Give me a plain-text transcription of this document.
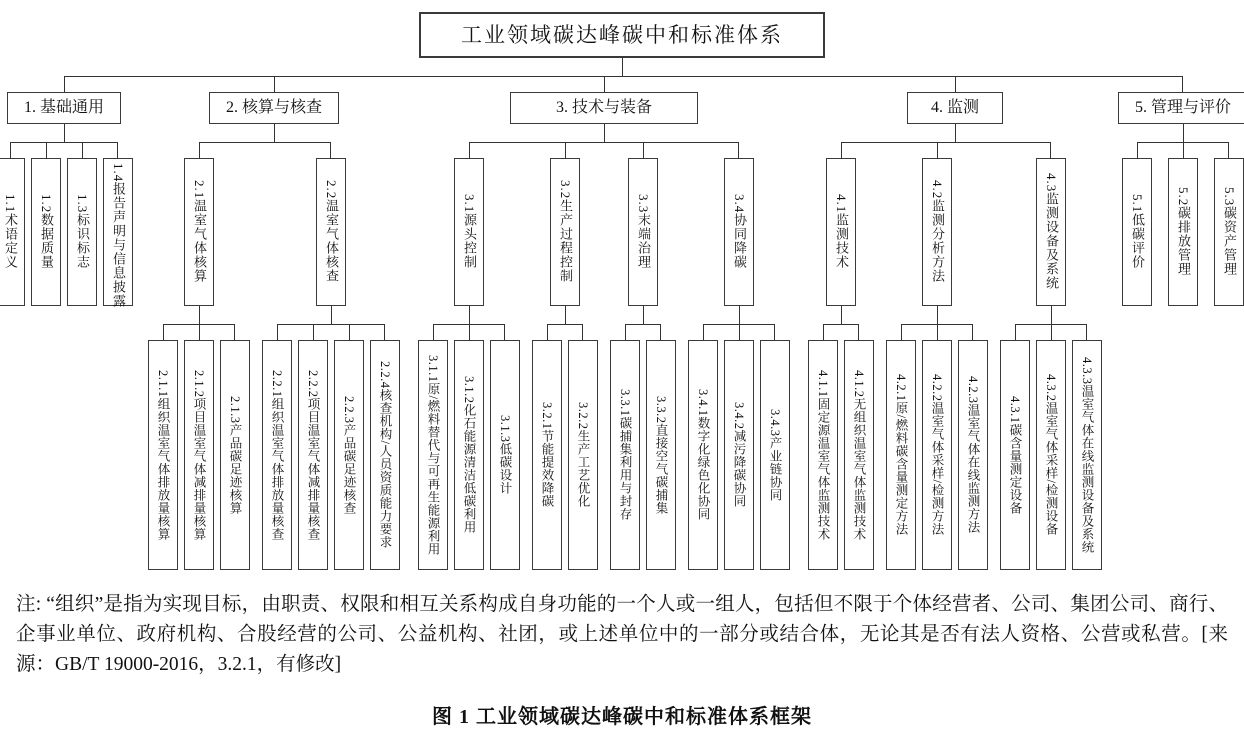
工业领域碳达峰碳中和标准体系
1. 基础通用
1.1术语定义	1.2数据质量	1.3标识标志	1.4报告声明与信息披露
2. 核算与核查
2.1温室气体核算
2.1.1组织温室气体排放量核算	2.1.2项目温室气体减排量核算	2.1.3产品碳足迹核算
2.2温室气体核查
2.2.1组织温室气体排放量核查	2.2.2项目温室气体减排量核查	2.2.3产品碳足迹核查	2.2.4核查机构/人员资质能力要求
3. 技术与装备
3.1源头控制
3.1.1原/燃料替代与可再生能源利用	3.1.2化石能源清洁低碳利用	3.1.3低碳设计
3.2生产过程控制
3.2.1节能提效降碳	3.2.2生产工艺优化
3.3末端治理
3.3.1碳捕集利用与封存	3.3.2直接空气碳捕集
3.4协同降碳
3.4.1数字化绿色化协同	3.4.2减污降碳协同	3.4.3产业链协同
4. 监测
4.1监测技术
4.1.1固定源温室气体监测技术	4.1.2无组织温室气体监测技术
4.2监测分析方法
4.2.1原/燃料碳含量测定方法	4.2.2温室气体采样/检测方法	4.2.3温室气体在线监测方法
4.3监测设备及系统
4.3.1碳含量测定设备	4.3.2温室气体采样/检测设备	4.3.3温室气体在线监测设备及系统
5. 管理与评价
5.1低碳评价	5.2碳排放管理	5.3碳资产管理

注: “组织”是指为实现目标，由职责、权限和相互关系构成自身功能的一个人或一组人，包括但不限于个体经营者、公司、集团公司、商行、企事业单位、政府机构、合股经营的公司、公益机构、社团，或上述单位中的一部分或结合体，无论其是否有法人资格、公营或私营。[来源：GB/T 19000-2016，3.2.1，有修改]

图 1 工业领域碳达峰碳中和标准体系框架
